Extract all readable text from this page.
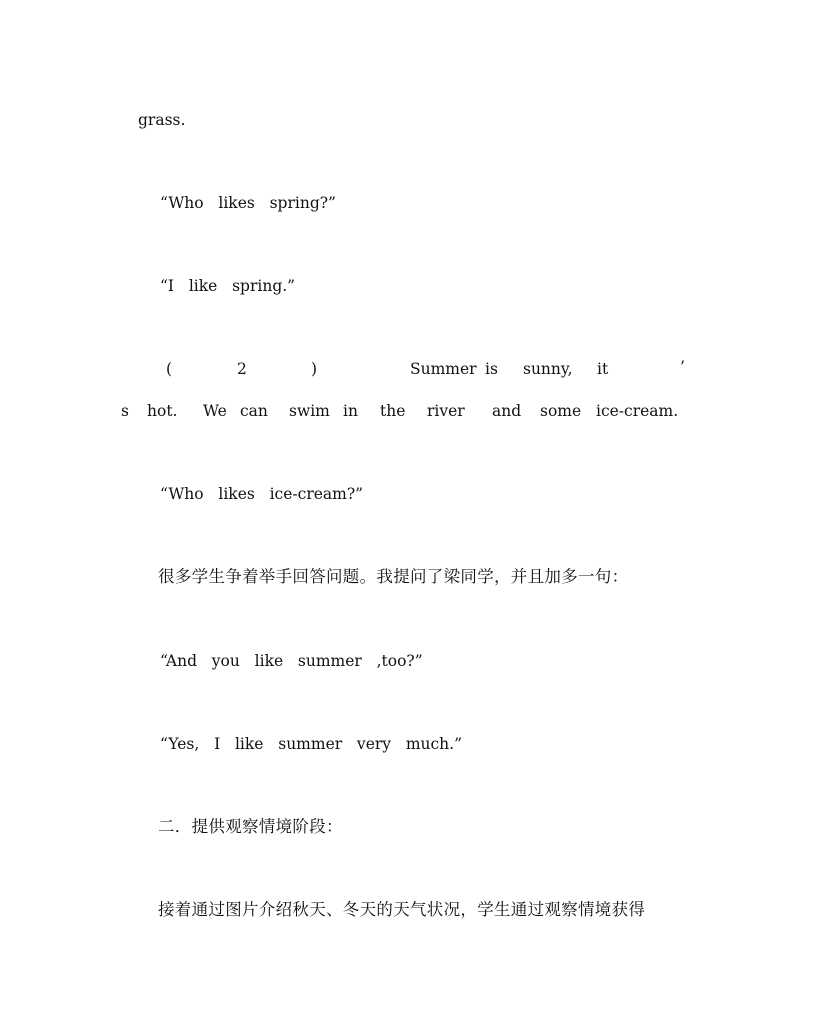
grass.
“Who   likes   spring?”
“I   like   spring.”
(	2	)	Summer is sunny, it	’
s hot. We can swim in the river and some ice-cream.
“Who   likes   ice-cream?”
很多学生争着举手回答问题。我提问了梁同学，并且加多一句：
“And   you   like   summer   ,too?”
“Yes,   I   like   summer   very   much.”
二．提供观察情境阶段：
接着通过图片介绍秋天、冬天的天气状况，学生通过观察情境获得
